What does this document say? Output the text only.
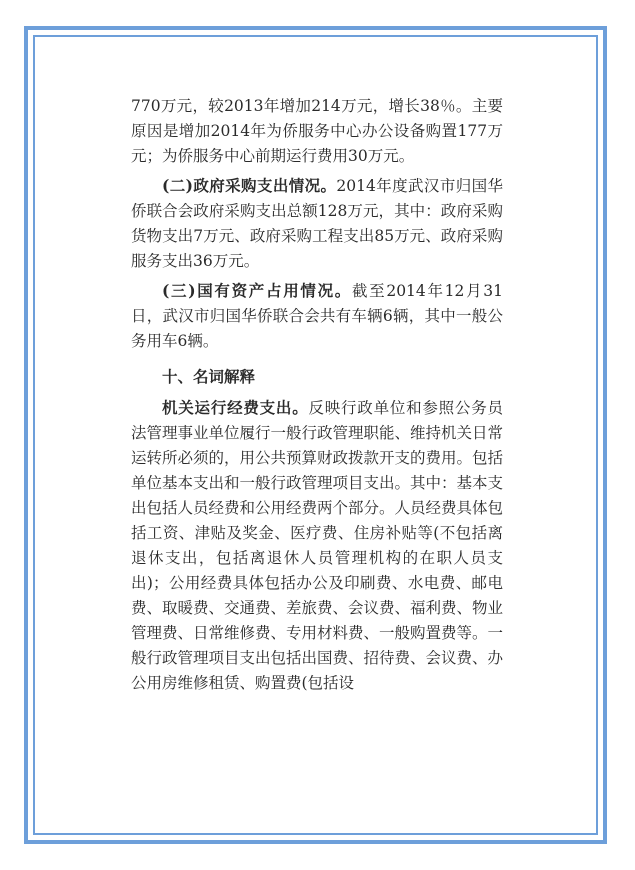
770万元，较2013年增加214万元，增长38％。主要原因是增加2014年为侨服务中心办公设备购置177万元；为侨服务中心前期运行费用30万元。

(二)政府采购支出情况。2014年度武汉市归国华侨联合会政府采购支出总额128万元，其中：政府采购货物支出7万元、政府采购工程支出85万元、政府采购服务支出36万元。

(三)国有资产占用情况。截至2014年12月31日，武汉市归国华侨联合会共有车辆6辆，其中一般公务用车6辆。

十、名词解释

机关运行经费支出。反映行政单位和参照公务员法管理事业单位履行一般行政管理职能、维持机关日常运转所必须的，用公共预算财政拨款开支的费用。包括单位基本支出和一般行政管理项目支出。其中：基本支出包括人员经费和公用经费两个部分。人员经费具体包括工资、津贴及奖金、医疗费、住房补贴等(不包括离退休支出，包括离退休人员管理机构的在职人员支出)；公用经费具体包括办公及印刷费、水电费、邮电费、取暖费、交通费、差旅费、会议费、福利费、物业管理费、日常维修费、专用材料费、一般购置费等。一般行政管理项目支出包括出国费、招待费、会议费、办公用房维修租赁、购置费(包括设
